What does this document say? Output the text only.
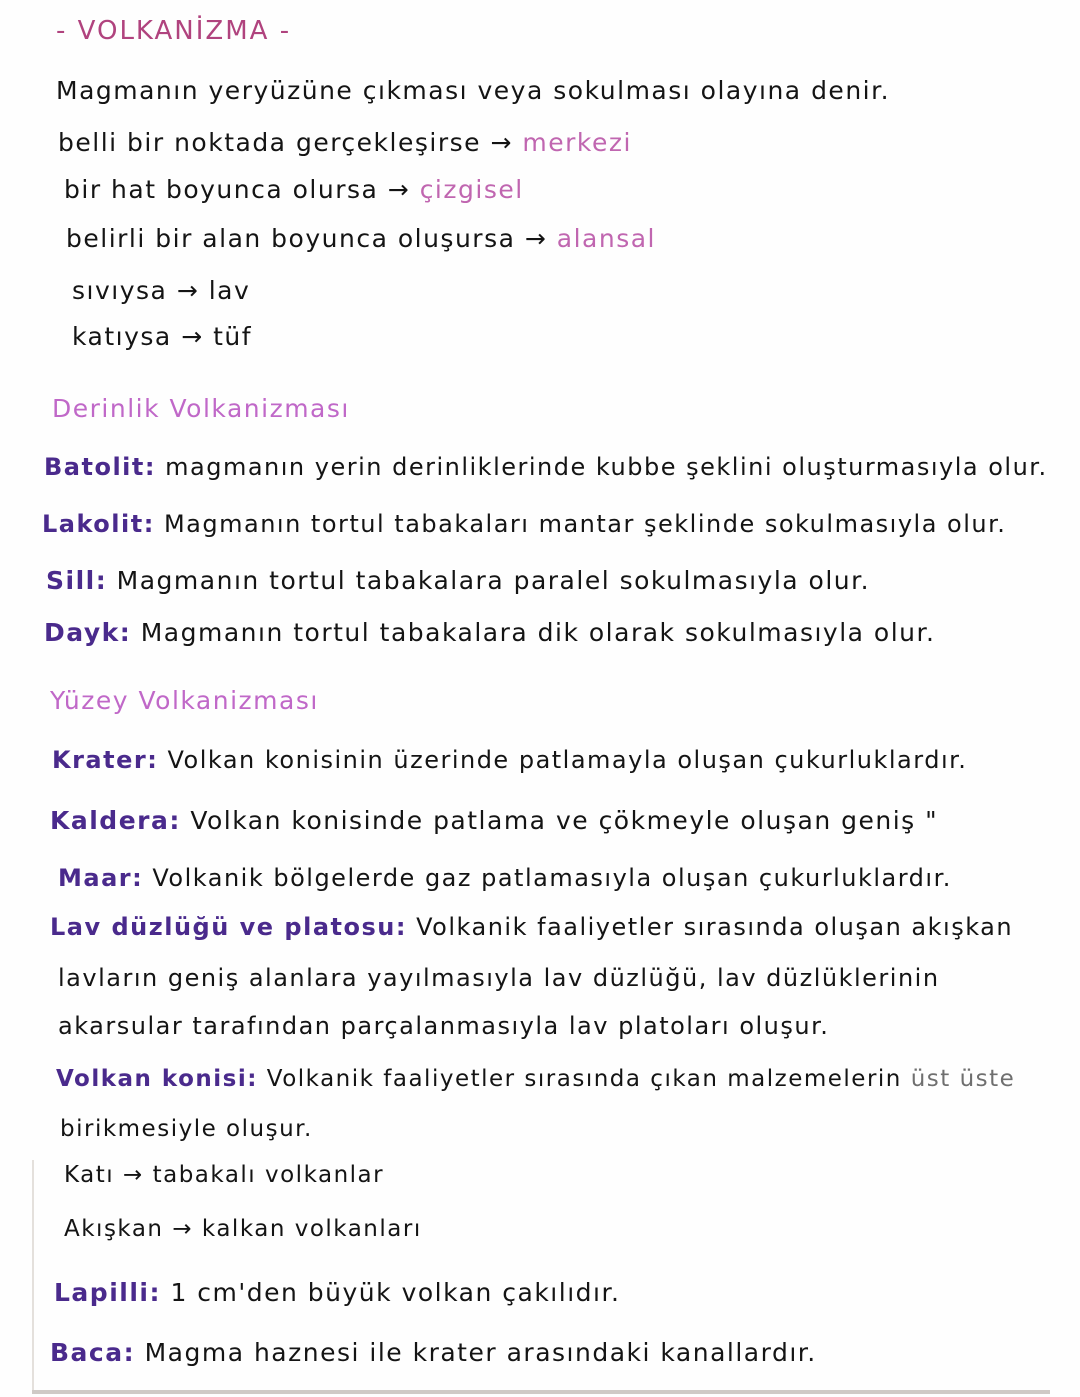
- VOLKANİZMA -
Magmanın yeryüzüne çıkması veya sokulması olayına denir.
belli bir noktada gerçekleşirse → merkezi
bir hat boyunca olursa → çizgisel
belirli bir alan boyunca oluşursa → alansal
sıvıysa → lav
katıysa → tüf
Derinlik Volkanizması
Batolit: magmanın yerin derinliklerinde kubbe şeklini oluşturmasıyla olur.
Lakolit: Magmanın tortul tabakaları mantar şeklinde sokulmasıyla olur.
Sill: Magmanın tortul tabakalara paralel sokulmasıyla olur.
Dayk: Magmanın tortul tabakalara dik olarak sokulmasıyla olur.
Yüzey Volkanizması
Krater: Volkan konisinin üzerinde patlamayla oluşan çukurluklardır.
Kaldera: Volkan konisinde patlama ve çökmeyle oluşan geniş "
Maar: Volkanik bölgelerde gaz patlamasıyla oluşan çukurluklardır.
Lav düzlüğü ve platosu: Volkanik faaliyetler sırasında oluşan akışkan
lavların geniş alanlara yayılmasıyla lav düzlüğü, lav düzlüklerinin
akarsular tarafından parçalanmasıyla lav platoları oluşur.
Volkan konisi: Volkanik faaliyetler sırasında çıkan malzemelerin üst üste
birikmesiyle oluşur.
Katı → tabakalı volkanlar
Akışkan → kalkan volkanları
Lapilli: 1 cm'den büyük volkan çakılıdır.
Baca: Magma haznesi ile krater arasındaki kanallardır.
